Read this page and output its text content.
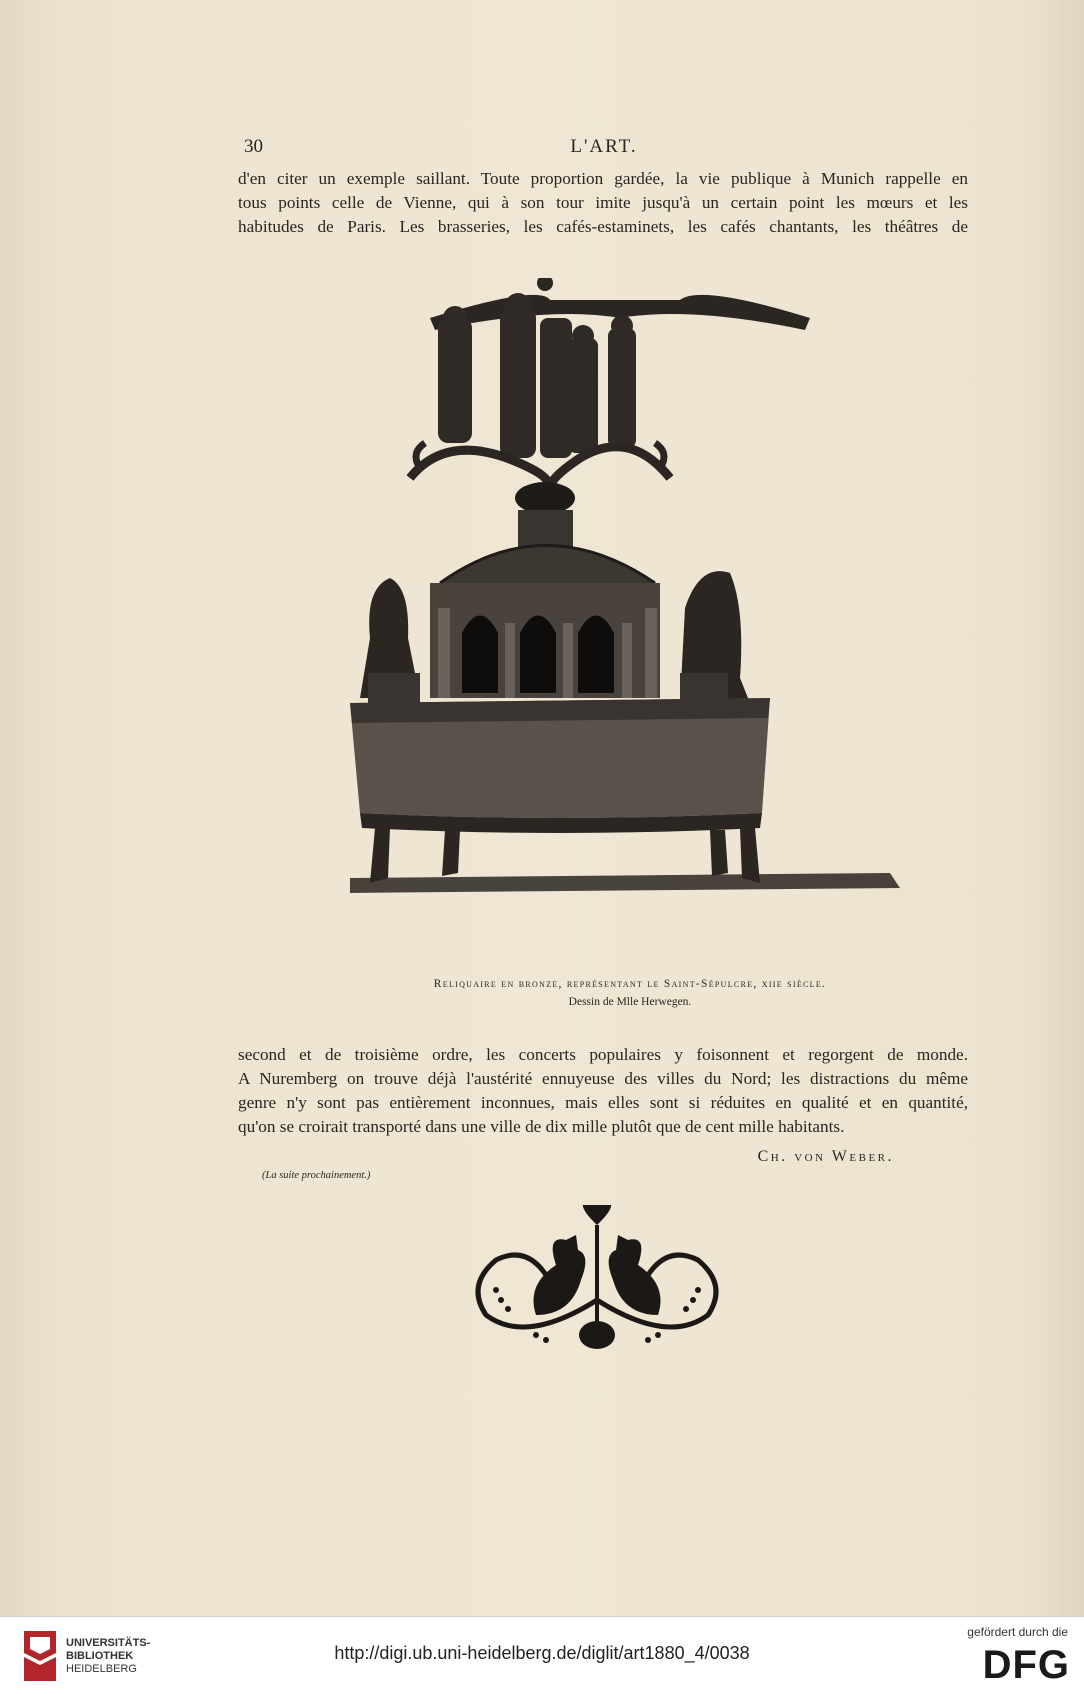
30	L'ART.
d'en citer un exemple saillant. Toute proportion gardée, la vie publique à Munich rappelle en
tous points celle de Vienne, qui à son tour imite jusqu'à un certain point les mœurs et les
habitudes de Paris. Les brasseries, les cafés-estaminets, les cafés chantants, les théâtres de
Reliquaire en bronze, représentant le Saint-Sépulcre, xiie siècle.
Dessin de Mlle Herwegen.
second et de troisième ordre, les concerts populaires y foisonnent et regorgent de monde.
A Nuremberg on trouve déjà l'austérité ennuyeuse des villes du Nord; les distractions du même
genre n'y sont pas entièrement inconnues, mais elles sont si réduites en qualité et en quantité,
qu'on se croirait transporté dans une ville de dix mille plutôt que de cent mille habitants.
Ch. von Weber.
(La suite prochainement.)
UNIVERSITÄTS-
BIBLIOTHEK
HEIDELBERG
http://digi.ub.uni-heidelberg.de/diglit/art1880_4/0038
gefördert durch die
DFG
